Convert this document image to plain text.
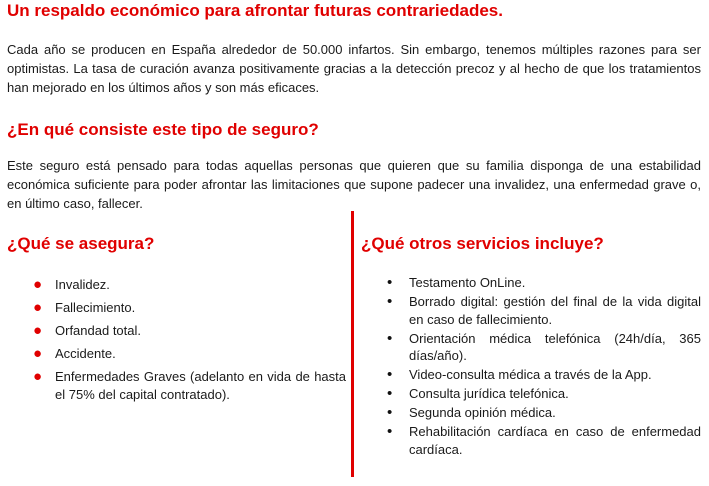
Un respaldo económico para afrontar futuras contrariedades.
Cada año se producen en España alrededor de 50.000 infartos. Sin embargo, tenemos múltiples razones para ser optimistas. La tasa de curación avanza positivamente gracias a la detección precoz y al hecho de que los tratamientos han mejorado en los últimos años y son más eficaces.
¿En qué consiste este tipo de seguro?
Este seguro está pensado para todas aquellas personas que quieren que su familia disponga de una estabilidad económica suficiente para poder afrontar las limitaciones que supone padecer una invalidez, una enfermedad grave o, en último caso, fallecer.
¿Qué se asegura?	¿Qué otros servicios incluye?
● Invalidez.
● Fallecimiento.
● Orfandad total.
● Accidente.
● Enfermedades Graves (adelanto en vida de hasta el 75% del capital contratado).
• Testamento OnLine.
• Borrado digital: gestión del final de la vida digital en caso de fallecimiento.
• Orientación médica telefónica (24h/día, 365 días/año).
• Video-consulta médica a través de la App.
• Consulta jurídica telefónica.
• Segunda opinión médica.
• Rehabilitación cardíaca en caso de enfermedad cardíaca.
